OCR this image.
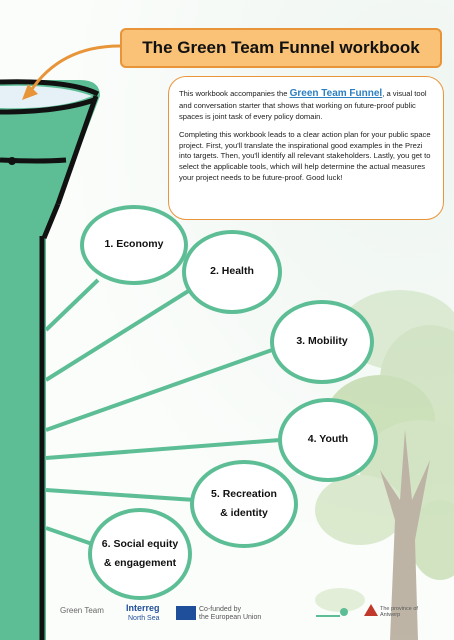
The Green Team Funnel workbook

This workbook accompanies the Green Team Funnel, a visual tool and conversation starter that shows that working on future-proof public spaces is joint task of every policy domain.

Completing this workbook leads to a clear action plan for your public space project. First, you'll translate the inspirational good examples in the Prezi into targets. Then, you'll identify all relevant stakeholders. Lastly, you get to select the applicable tools, which will help determine the actual measures your project needs to be future-proof. Good luck!

1. Economy
2. Health
3. Mobility
4. Youth
5. Recreation
& identity
6. Social equity
& engagement
Green Team Interreg
North Sea
Co-funded by
the European Union
The province of Antwerp
